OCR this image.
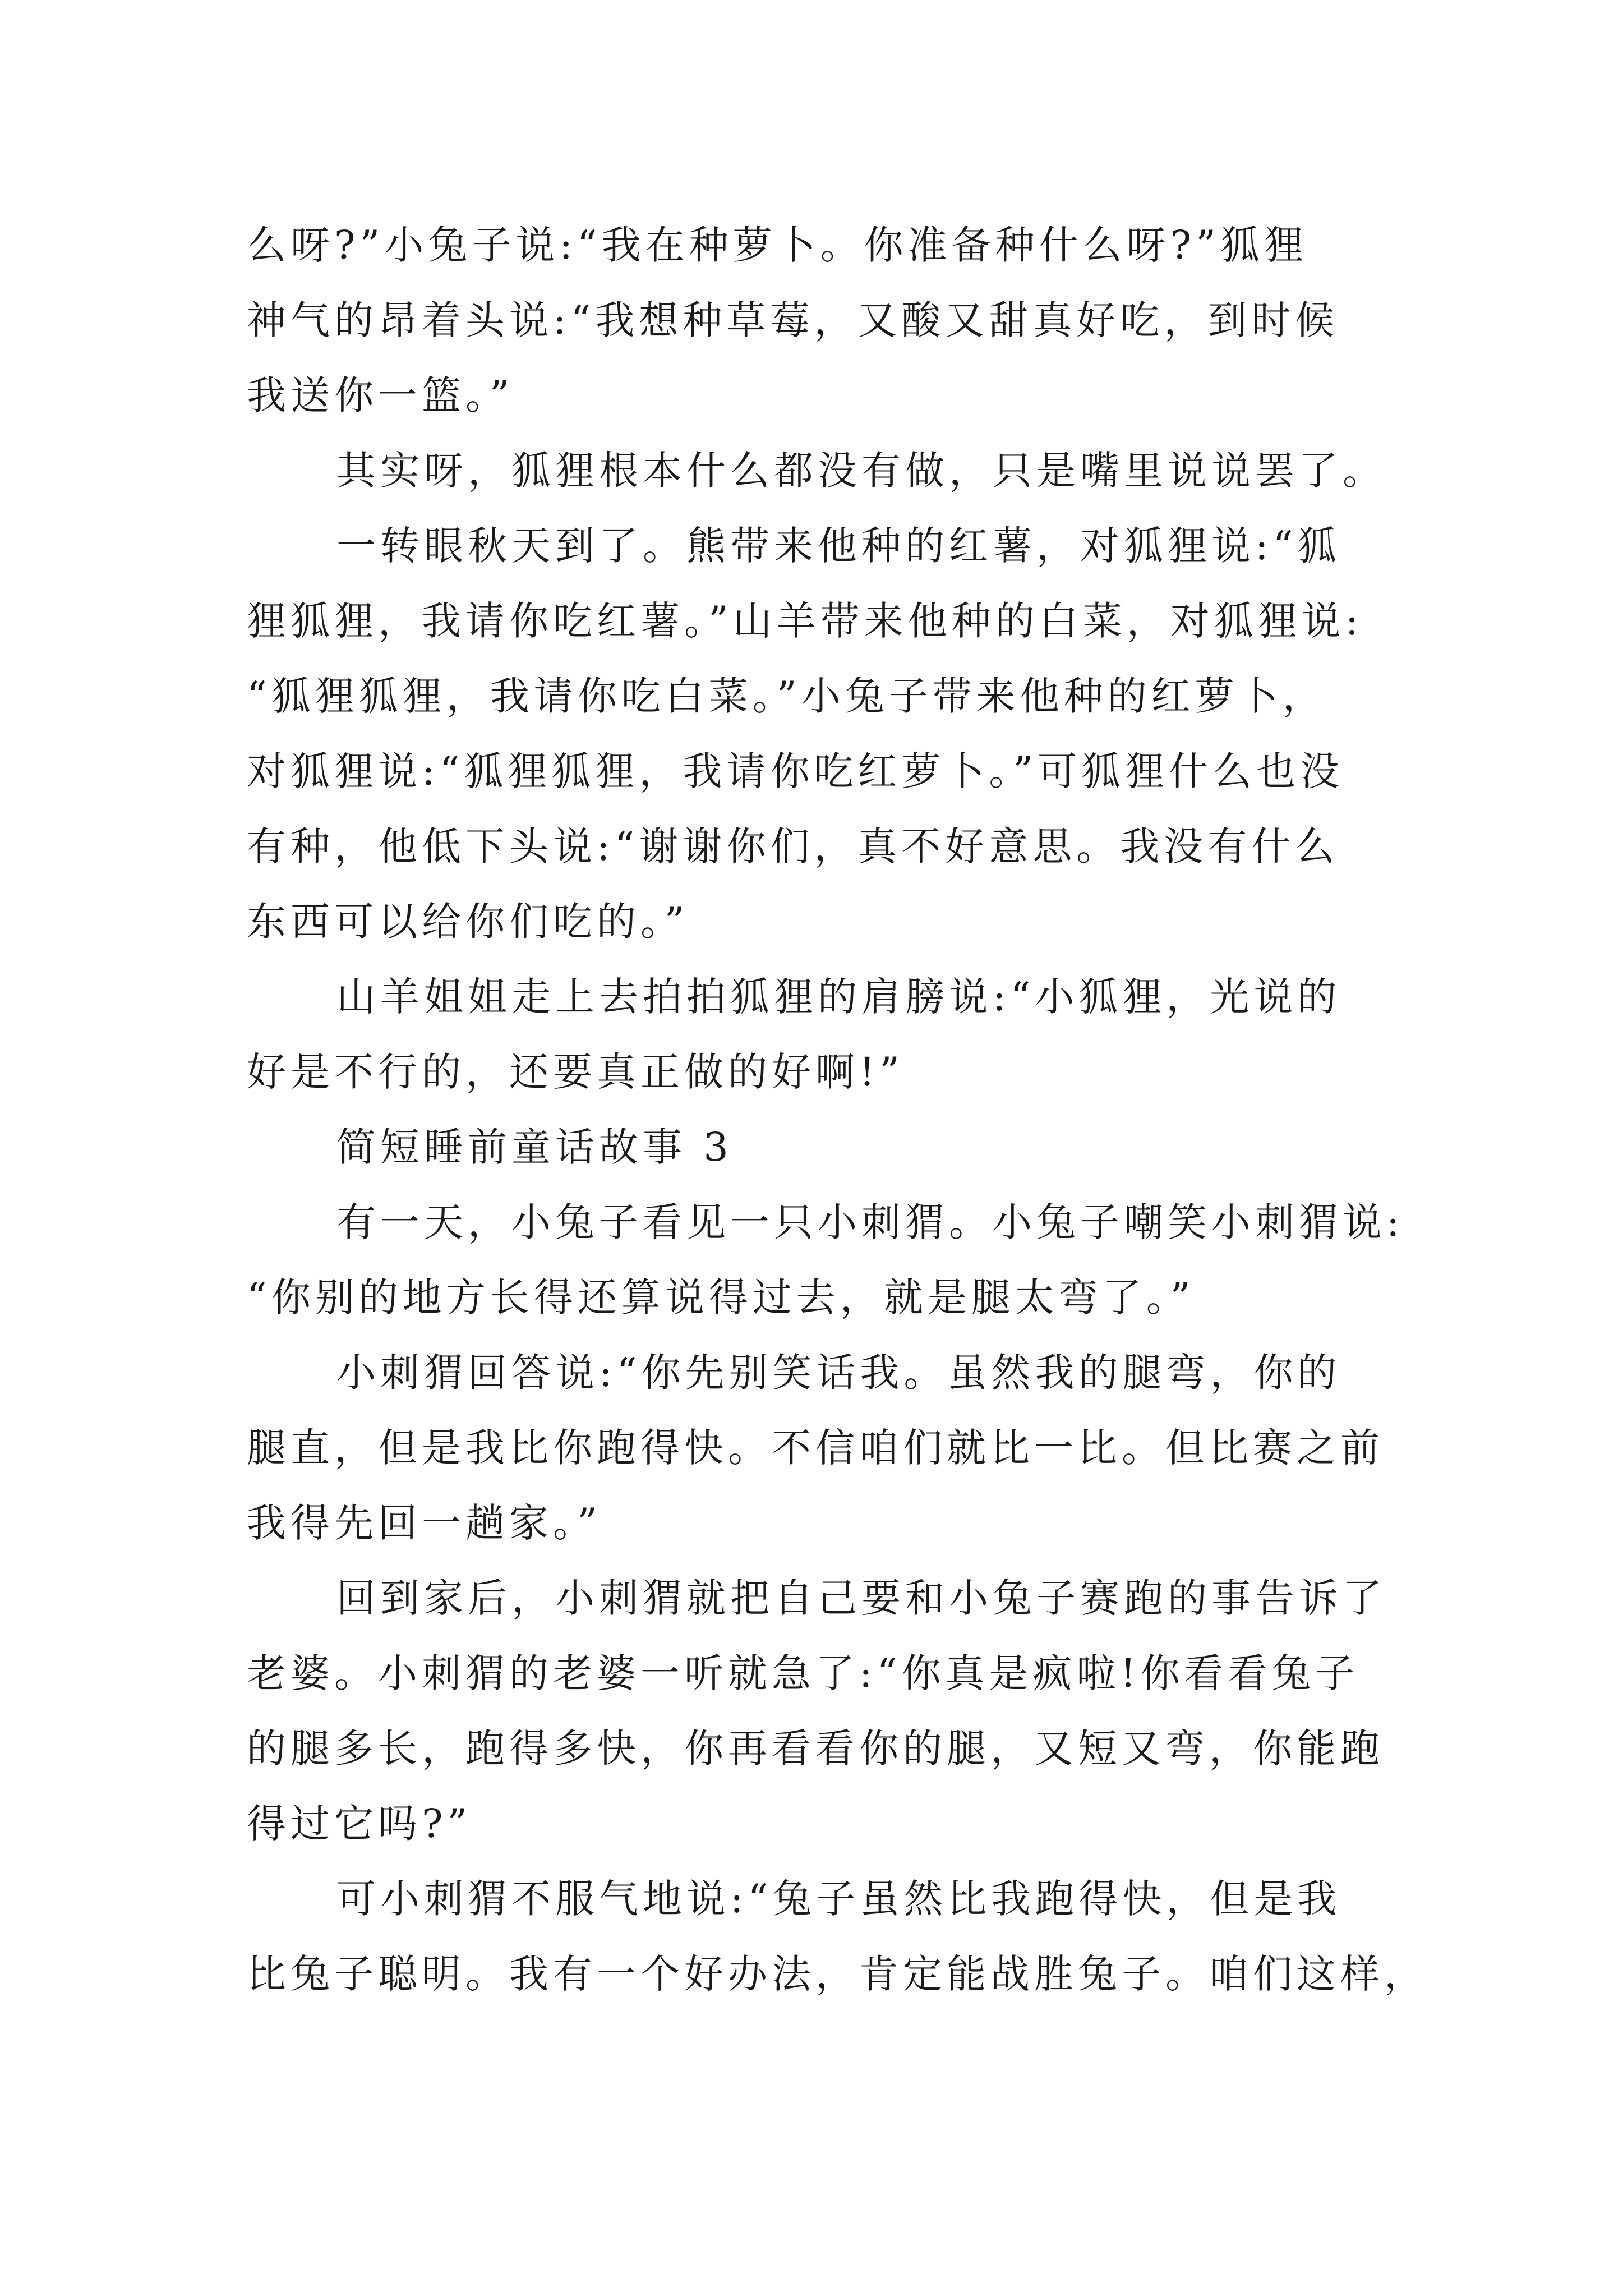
么呀?”小兔子说:“我在种萝卜。你准备种什么呀?”狐狸
神气的昂着头说:“我想种草莓，又酸又甜真好吃，到时候
我送你一篮。”
其实呀，狐狸根本什么都没有做，只是嘴里说说罢了。
一转眼秋天到了。熊带来他种的红薯，对狐狸说:“狐
狸狐狸，我请你吃红薯。”山羊带来他种的白菜，对狐狸说:
“狐狸狐狸，我请你吃白菜。”小兔子带来他种的红萝卜，
对狐狸说:“狐狸狐狸，我请你吃红萝卜。”可狐狸什么也没
有种，他低下头说:“谢谢你们，真不好意思。我没有什么
东西可以给你们吃的。”
山羊姐姐走上去拍拍狐狸的肩膀说:“小狐狸，光说的
好是不行的，还要真正做的好啊!”
简短睡前童话故事 3
有一天，小兔子看见一只小刺猬。小兔子嘲笑小刺猬说:
“你别的地方长得还算说得过去，就是腿太弯了。”
小刺猬回答说:“你先别笑话我。虽然我的腿弯，你的
腿直，但是我比你跑得快。不信咱们就比一比。但比赛之前
我得先回一趟家。”
回到家后，小刺猬就把自己要和小兔子赛跑的事告诉了
老婆。小刺猬的老婆一听就急了:“你真是疯啦!你看看兔子
的腿多长，跑得多快，你再看看你的腿，又短又弯，你能跑
得过它吗?”
可小刺猬不服气地说:“兔子虽然比我跑得快，但是我
比兔子聪明。我有一个好办法，肯定能战胜兔子。咱们这样，
